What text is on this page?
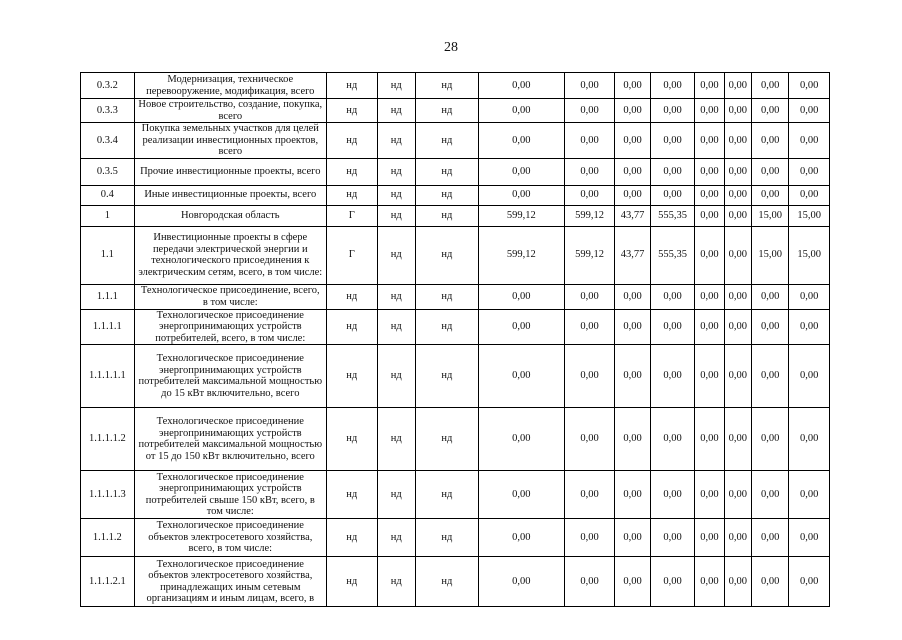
28
0.3.2	Модернизация, техническое перевооружение, модификация, всего	нд	нд	нд	0,00	0,00	0,00	0,00	0,00	0,00	0,00	0,00
0.3.3	Новое строительство, создание, покупка, всего	нд	нд	нд	0,00	0,00	0,00	0,00	0,00	0,00	0,00	0,00
0.3.4	Покупка земельных участков для целей реализации инвестиционных проектов, всего	нд	нд	нд	0,00	0,00	0,00	0,00	0,00	0,00	0,00	0,00
0.3.5	Прочие инвестиционные проекты, всего	нд	нд	нд	0,00	0,00	0,00	0,00	0,00	0,00	0,00	0,00
0.4	Иные инвестиционные проекты, всего	нд	нд	нд	0,00	0,00	0,00	0,00	0,00	0,00	0,00	0,00
1	Новгородская область	Г	нд	нд	599,12	599,12	43,77	555,35	0,00	0,00	15,00	15,00
1.1	Инвестиционные проекты в сфере передачи электрической энергии и технологического присоединения к электрическим сетям, всего, в том числе:	Г	нд	нд	599,12	599,12	43,77	555,35	0,00	0,00	15,00	15,00
1.1.1	Технологическое присоединение, всего, в том числе:	нд	нд	нд	0,00	0,00	0,00	0,00	0,00	0,00	0,00	0,00
1.1.1.1	Технологическое присоединение энергопринимающих устройств потребителей, всего, в том числе:	нд	нд	нд	0,00	0,00	0,00	0,00	0,00	0,00	0,00	0,00
1.1.1.1.1	Технологическое присоединение энергопринимающих устройств потребителей максимальной мощностью до 15 кВт включительно, всего	нд	нд	нд	0,00	0,00	0,00	0,00	0,00	0,00	0,00	0,00
1.1.1.1.2	Технологическое присоединение энергопринимающих устройств потребителей максимальной мощностью от 15 до 150 кВт включительно, всего	нд	нд	нд	0,00	0,00	0,00	0,00	0,00	0,00	0,00	0,00
1.1.1.1.3	Технологическое присоединение энергопринимающих устройств потребителей свыше 150 кВт, всего, в том числе:	нд	нд	нд	0,00	0,00	0,00	0,00	0,00	0,00	0,00	0,00
1.1.1.2	Технологическое присоединение объектов электросетевого хозяйства, всего, в том числе:	нд	нд	нд	0,00	0,00	0,00	0,00	0,00	0,00	0,00	0,00
1.1.1.2.1	Технологическое присоединение объектов электросетевого хозяйства, принадлежащих иным сетевым организациям и иным лицам, всего, в	нд	нд	нд	0,00	0,00	0,00	0,00	0,00	0,00	0,00	0,00
